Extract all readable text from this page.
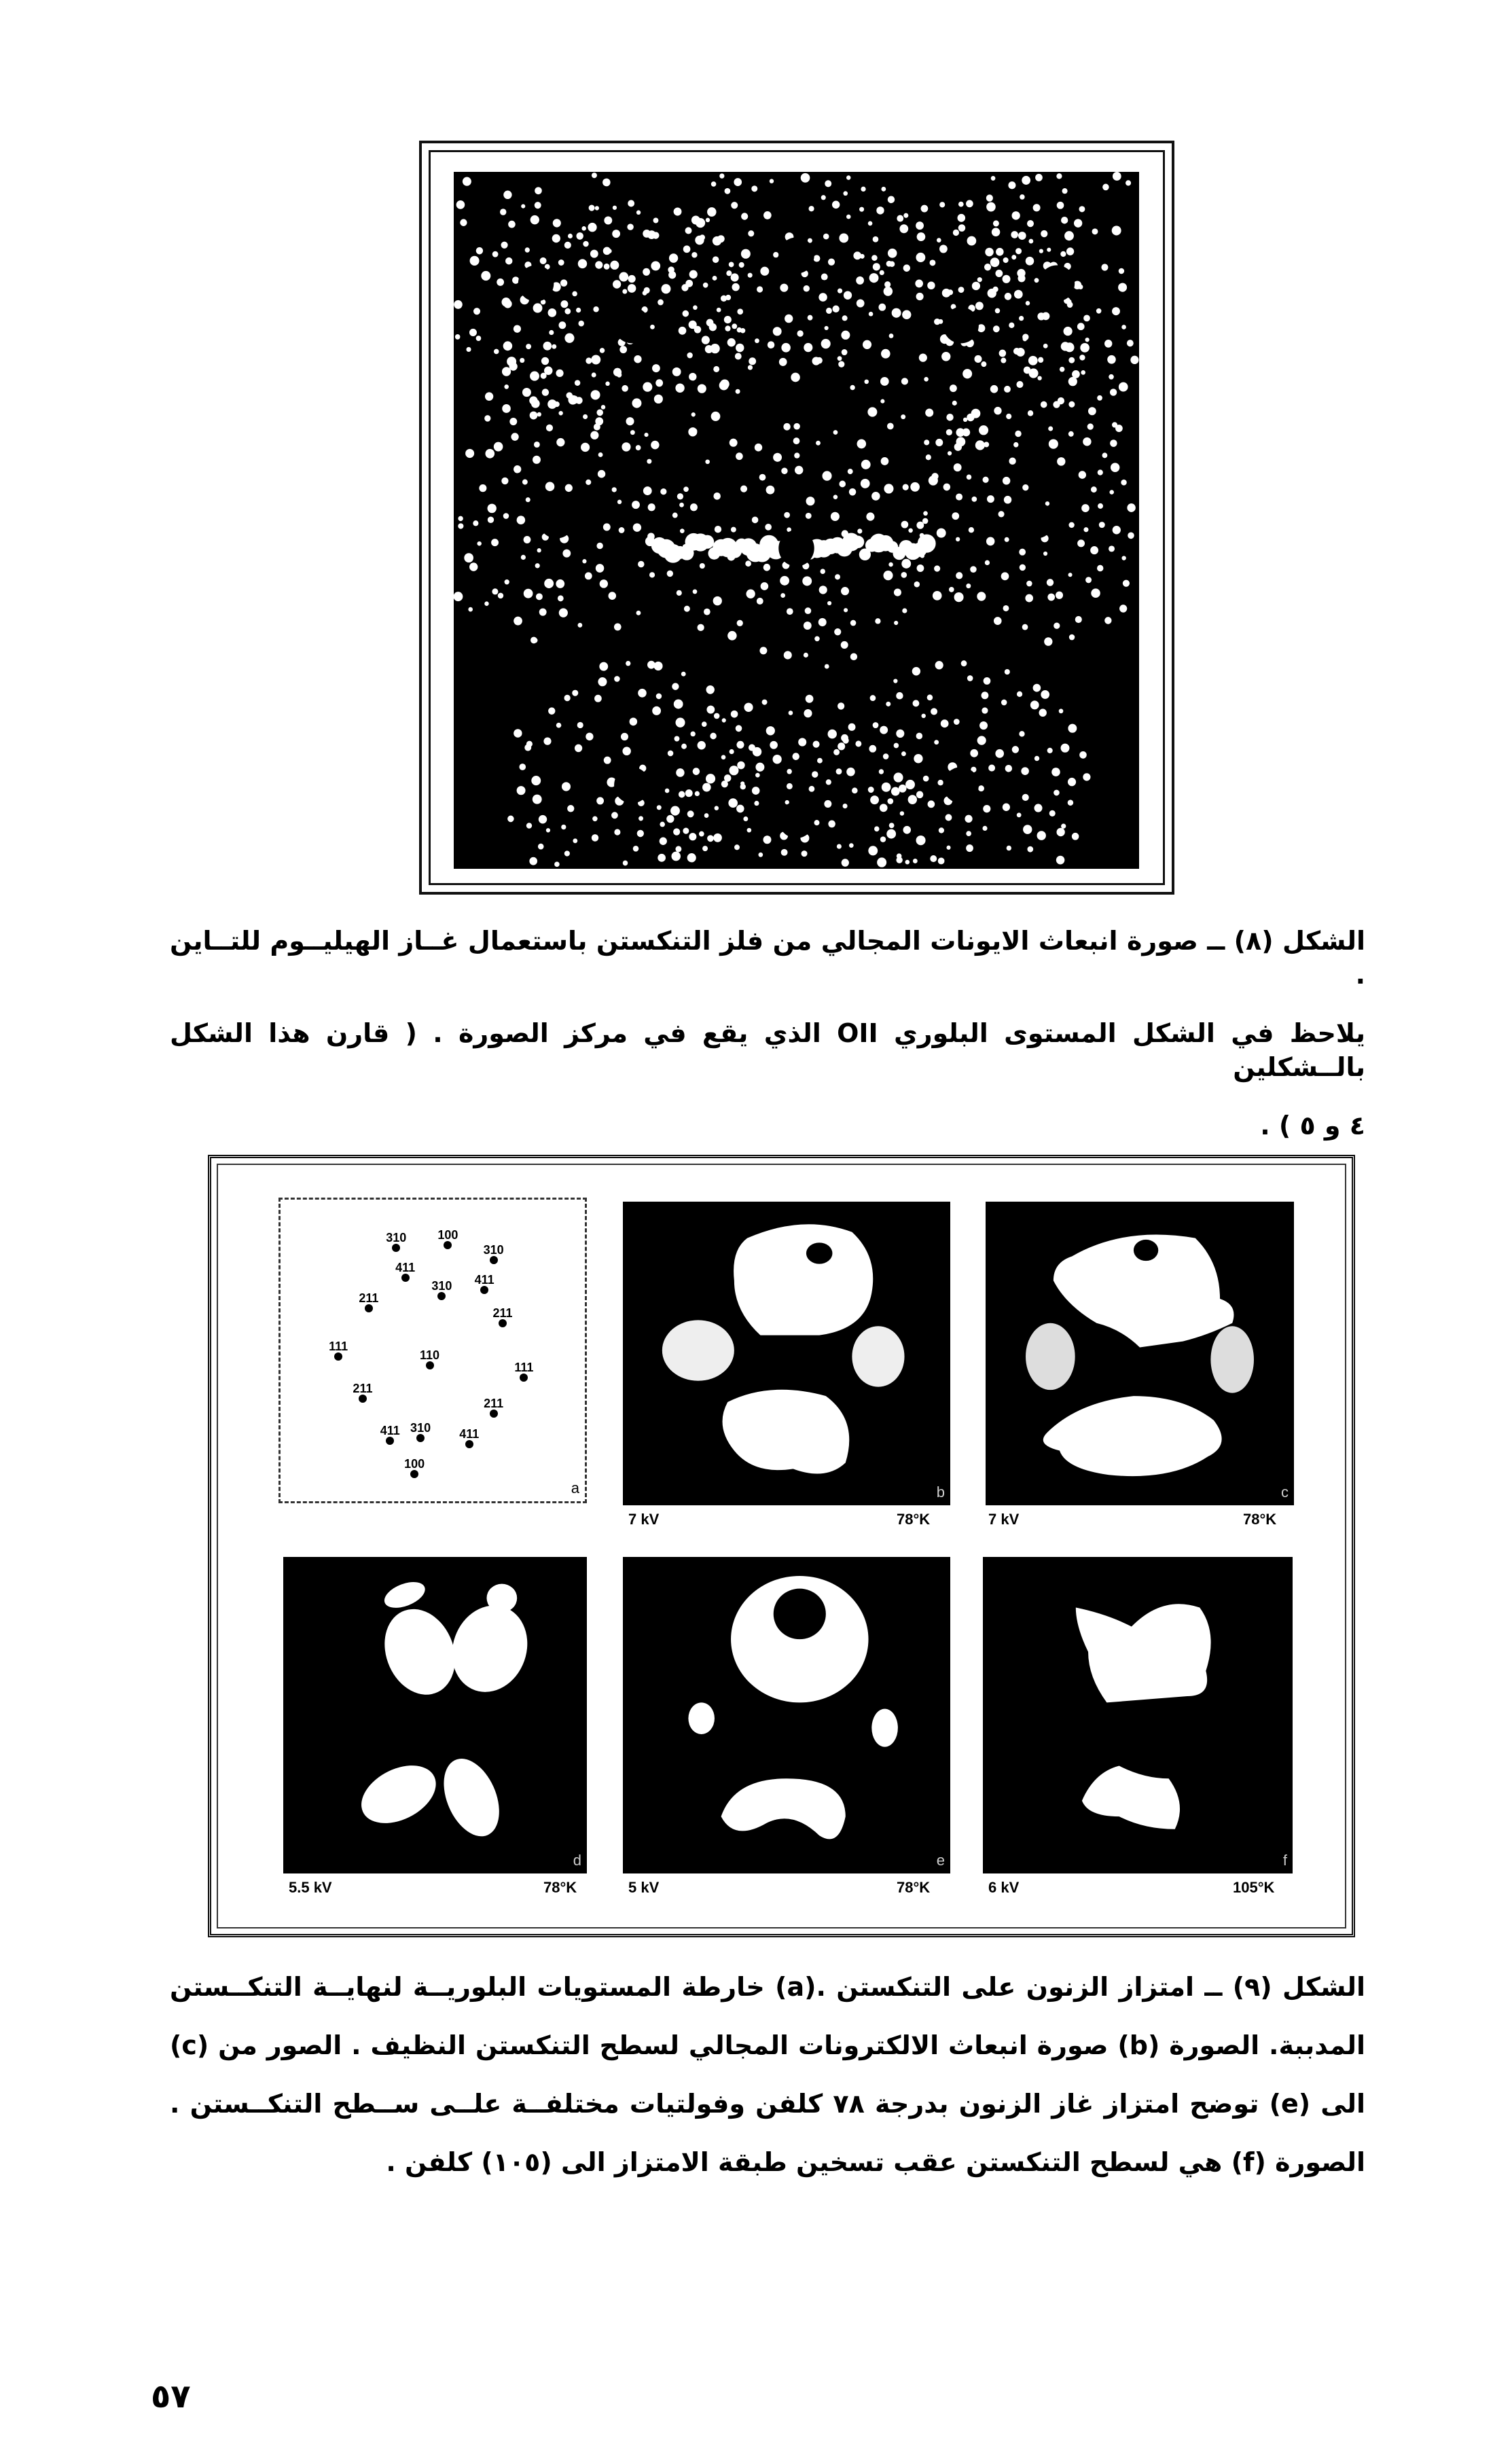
الشكل (٨) ــ صورة انبعاث الايونات المجالي من فلز التنكستن باستعمال غــاز الهيليــوم للتــاين .
يلاحظ في الشكل المستوى البلوري OII الذي يقع في مركز الصورة . ( قارن هذا الشكل بالــشكلين
٤ و ٥ ) .
a
310	100
310
411
310 411
211
211
111
110
111
211
211
411 310 411
100
b	c
d	e	f
7 kV	78°K	7 kV	78°K
5.5 kV	78°K	5 kV	78°K	6 kV	105°K
الشكل (٩) ــ امتزاز الزنون على التنكستن .(a) خارطة المستويات البلوريــة لنهايــة التنكــستن
المدببة. الصورة (b) صورة انبعاث الالكترونات المجالي لسطح التنكستن النظيف . الصور من (c)
الى (e) توضح امتزاز غاز الزنون بدرجة ٧٨ كلفن وفولتيات مختلفــة علــى ســطح التنكــستن .
الصورة (f) هي لسطح التنكستن عقب تسخين طبقة الامتزاز الى (١٠٥) كلفن .
٥٧
